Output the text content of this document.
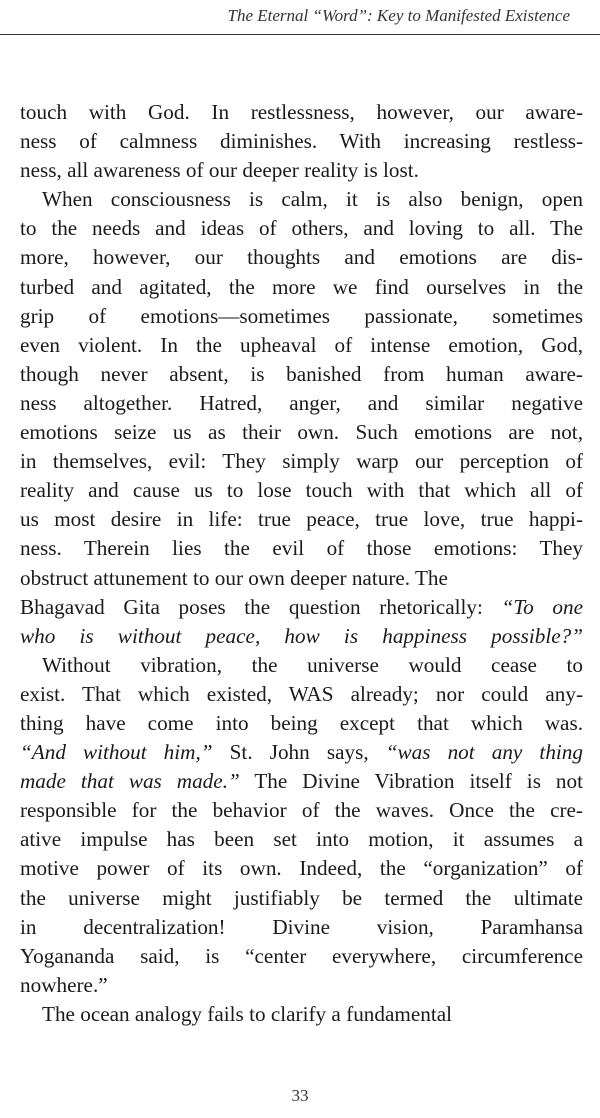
The Eternal “Word”: Key to Manifested Existence

touch with God. In restlessness, however, our aware-
ness of calmness diminishes. With increasing restless-
ness, all awareness of our deeper reality is lost.

When consciousness is calm, it is also benign, open
to the needs and ideas of others, and loving to all. The
more, however, our thoughts and emotions are dis-
turbed and agitated, the more we find ourselves in the
grip of emotions—sometimes passionate, sometimes
even violent. In the upheaval of intense emotion, God,
though never absent, is banished from human aware-
ness altogether. Hatred, anger, and similar negative
emotions seize us as their own. Such emotions are not,
in themselves, evil: They simply warp our perception of
reality and cause us to lose touch with that which all of
us most desire in life: true peace, true love, true happi-
ness. Therein lies the evil of those emotions: They
obstruct attunement to our own deeper nature. The
Bhagavad Gita poses the question rhetorically: “To one
who is without peace, how is happiness possible?”

Without vibration, the universe would cease to
exist. That which existed, WAS already; nor could any-
thing have come into being except that which was.
“And without him,” St. John says, “was not any thing
made that was made.” The Divine Vibration itself is not
responsible for the behavior of the waves. Once the cre-
ative impulse has been set into motion, it assumes a
motive power of its own. Indeed, the “organization” of
the universe might justifiably be termed the ultimate
in decentralization! Divine vision, Paramhansa
Yogananda said, is “center everywhere, circumference
nowhere.”

The ocean analogy fails to clarify a fundamental

33
